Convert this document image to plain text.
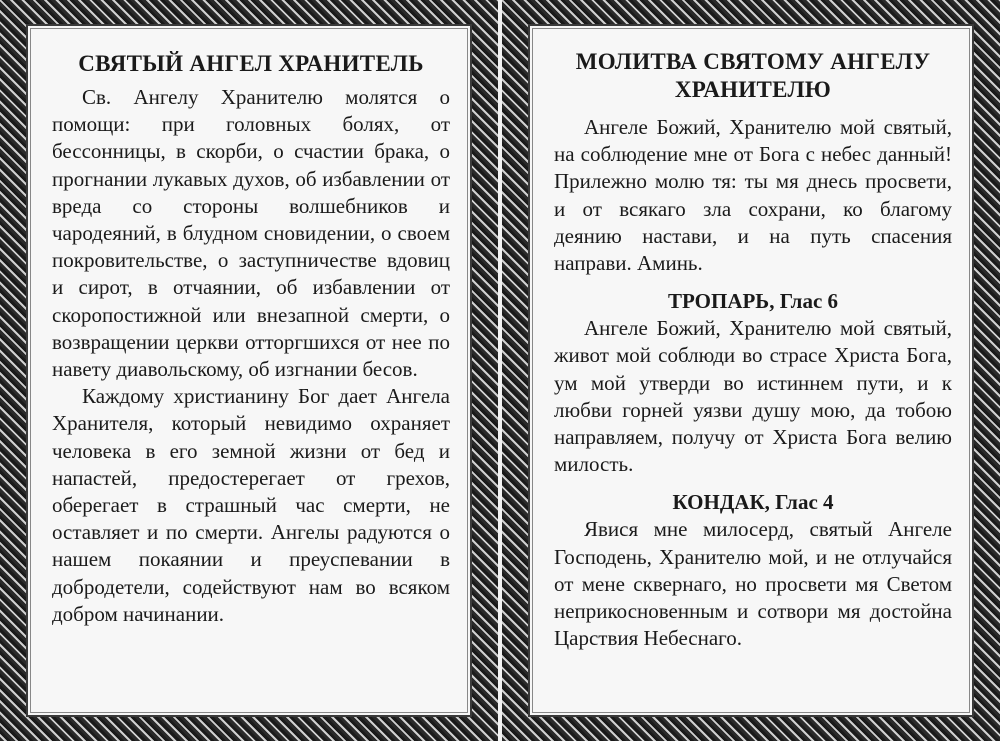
СВЯТЫЙ АНГЕЛ ХРАНИТЕЛЬ

Св. Ангелу Хранителю молятся о помощи: при головных болях, от бессонницы, в скорби, о счастии брака, о прогнании лукавых духов, об избавлении от вреда со стороны волшебников и чародеяний, в блудном сновидении, о своем покровительстве, о заступничестве вдовиц и сирот, в отчаянии, об избавлении от скоропостижной или внезапной смерти, о возвращении церкви отторгшихся от нее по навету диавольскому, об изгнании бесов.

Каждому христианину Бог дает Ангела Хранителя, который невидимо охраняет человека в его земной жизни от бед и напастей, предостерегает от грехов, оберегает в страшный час смерти, не оставляет и по смерти. Ангелы радуются о нашем покаянии и преуспевании в добродетели, содействуют нам во всяком добром начинании.

МОЛИТВА СВЯТОМУ АНГЕЛУ ХРАНИТЕЛЮ

Ангеле Божий, Хранителю мой святый, на соблюдение мне от Бога с небес данный! Прилежно молю тя: ты мя днесь просвети, и от всякаго зла сохрани, ко благому деянию настави, и на путь спасения направи. Аминь.

ТРОПАРЬ, Глас 6

Ангеле Божий, Хранителю мой святый, живот мой соблюди во страсе Христа Бога, ум мой утверди во истиннем пути, и к любви горней уязви душу мою, да тобою направляем, получу от Христа Бога велию милость.

КОНДАК, Глас 4

Явися мне милосерд, святый Ангеле Господень, Хранителю мой, и не отлучайся от мене сквернаго, но просвети мя Светом неприкосновенным и сотвори мя достойна Царствия Небеснаго.
